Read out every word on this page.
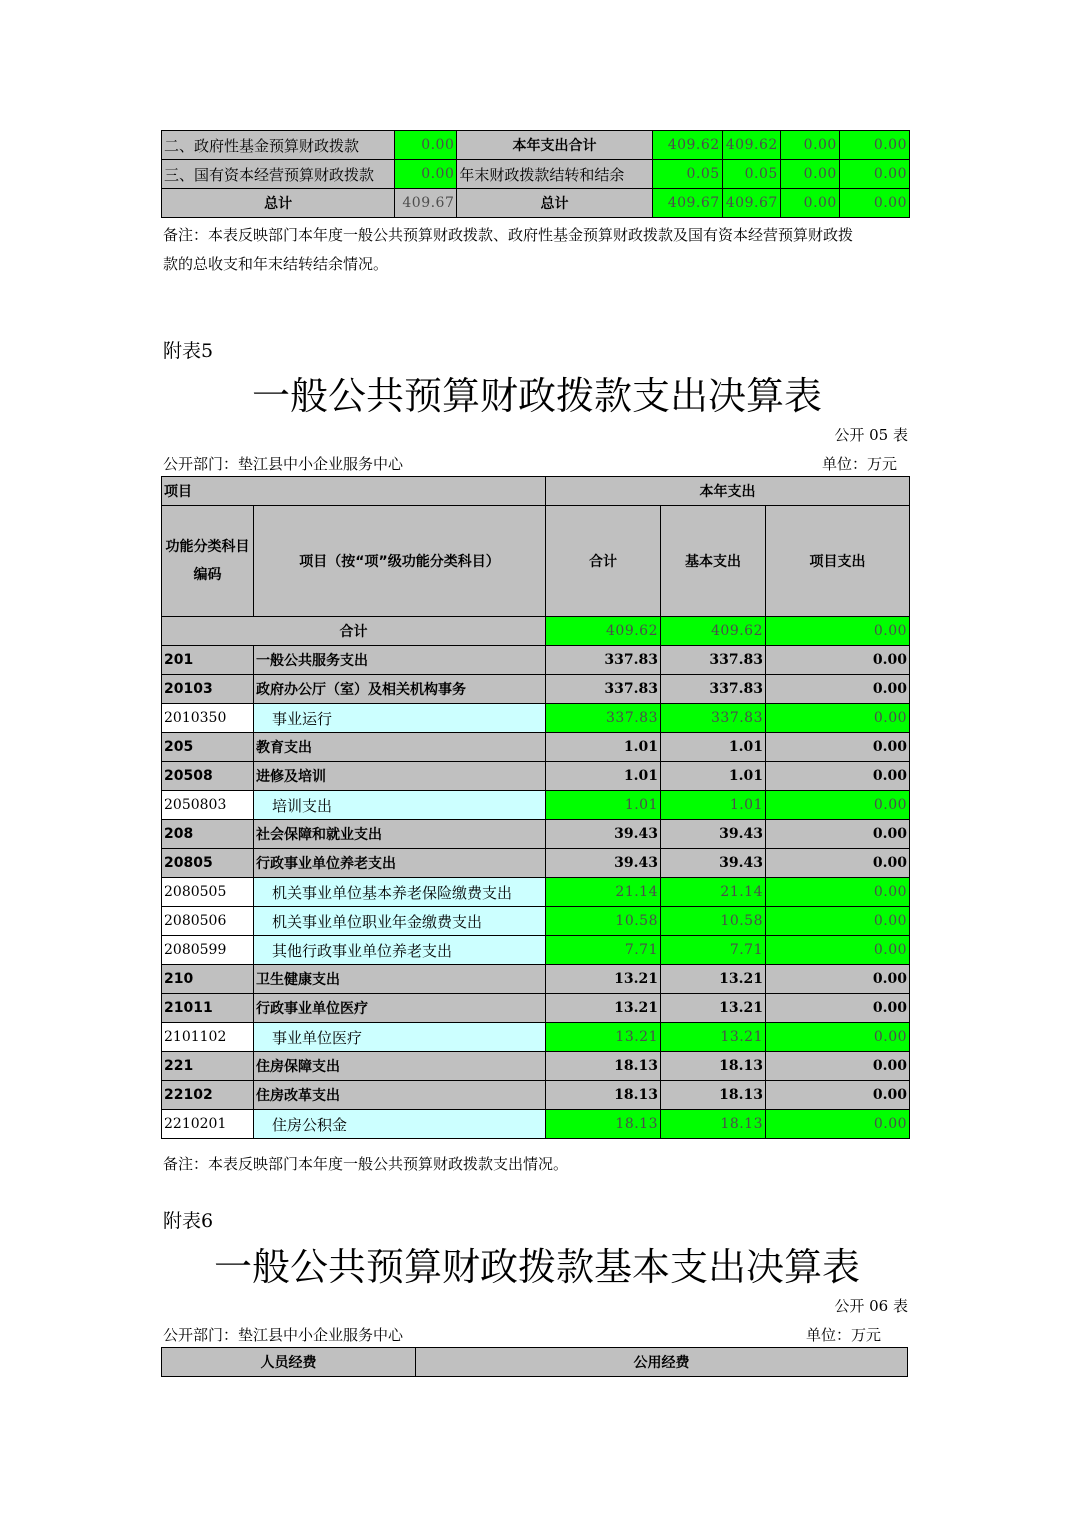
二、政府性基金预算财政拨款	0.00	本年支出合计	409.62	409.62	0.00	0.00
三、国有资本经营预算财政拨款	0.00	年末财政拨款结转和结余	0.05	0.05	0.00	0.00
总计	409.67	总计	409.67	409.67	0.00	0.00
备注：本表反映部门本年度一般公共预算财政拨款、政府性基金预算财政拨款及国有资本经营预算财政拨
款的总收支和年末结转结余情况。
附表5
一般公共预算财政拨款支出决算表
公开 05 表
公开部门：垫江县中小企业服务中心	单位：万元
项目		本年支出		
功能分类科目编码	项目（按“项”级功能分类科目）	合计	基本支出	项目支出
合计		409.62	409.62	0.00
201	一般公共服务支出	337.83	337.83	0.00
20103	政府办公厅（室）及相关机构事务	337.83	337.83	0.00
2010350	事业运行	337.83	337.83	0.00
205	教育支出	1.01	1.01	0.00
20508	进修及培训	1.01	1.01	0.00
2050803	培训支出	1.01	1.01	0.00
208	社会保障和就业支出	39.43	39.43	0.00
20805	行政事业单位养老支出	39.43	39.43	0.00
2080505	机关事业单位基本养老保险缴费支出	21.14	21.14	0.00
2080506	机关事业单位职业年金缴费支出	10.58	10.58	0.00
2080599	其他行政事业单位养老支出	7.71	7.71	0.00
210	卫生健康支出	13.21	13.21	0.00
21011	行政事业单位医疗	13.21	13.21	0.00
2101102	事业单位医疗	13.21	13.21	0.00
221	住房保障支出	18.13	18.13	0.00
22102	住房改革支出	18.13	18.13	0.00
2210201	住房公积金	18.13	18.13	0.00
备注：本表反映部门本年度一般公共预算财政拨款支出情况。
附表6
一般公共预算财政拨款基本支出决算表
公开 06 表
公开部门：垫江县中小企业服务中心	单位：万元
人员经费	公用经费
